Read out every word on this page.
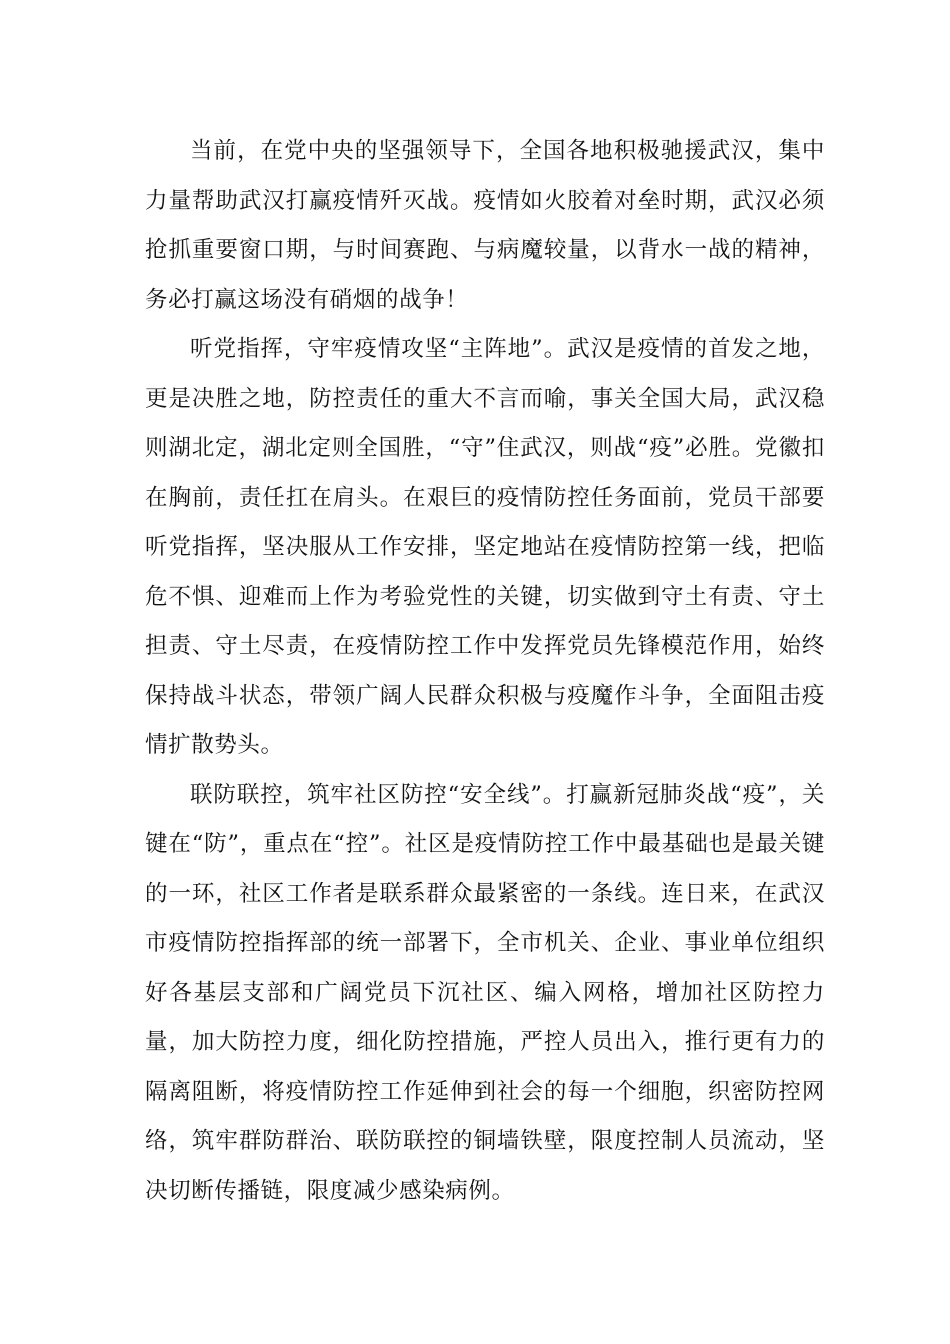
当前，在党中央的坚强领导下，全国各地积极驰援武汉，集中力量帮助武汉打赢疫情歼灭战。疫情如火胶着对垒时期，武汉必须抢抓重要窗口期，与时间赛跑、与病魔较量，以背水一战的精神，务必打赢这场没有硝烟的战争！

听党指挥，守牢疫情攻坚“主阵地”。武汉是疫情的首发之地，更是决胜之地，防控责任的重大不言而喻，事关全国大局，武汉稳则湖北定，湖北定则全国胜，“守”住武汉，则战“疫”必胜。党徽扣在胸前，责任扛在肩头。在艰巨的疫情防控任务面前，党员干部要听党指挥，坚决服从工作安排，坚定地站在疫情防控第一线，把临危不惧、迎难而上作为考验党性的关键，切实做到守土有责、守土担责、守土尽责，在疫情防控工作中发挥党员先锋模范作用，始终保持战斗状态，带领广阔人民群众积极与疫魔作斗争，全面阻击疫情扩散势头。

联防联控，筑牢社区防控“安全线”。打赢新冠肺炎战“疫”，关键在“防”，重点在“控”。社区是疫情防控工作中最基础也是最关键的一环，社区工作者是联系群众最紧密的一条线。连日来，在武汉市疫情防控指挥部的统一部署下，全市机关、企业、事业单位组织好各基层支部和广阔党员下沉社区、编入网格，增加社区防控力量，加大防控力度，细化防控措施，严控人员出入，推行更有力的隔离阻断，将疫情防控工作延伸到社会的每一个细胞，织密防控网络，筑牢群防群治、联防联控的铜墙铁壁，限度控制人员流动，坚决切断传播链，限度减少感染病例。
